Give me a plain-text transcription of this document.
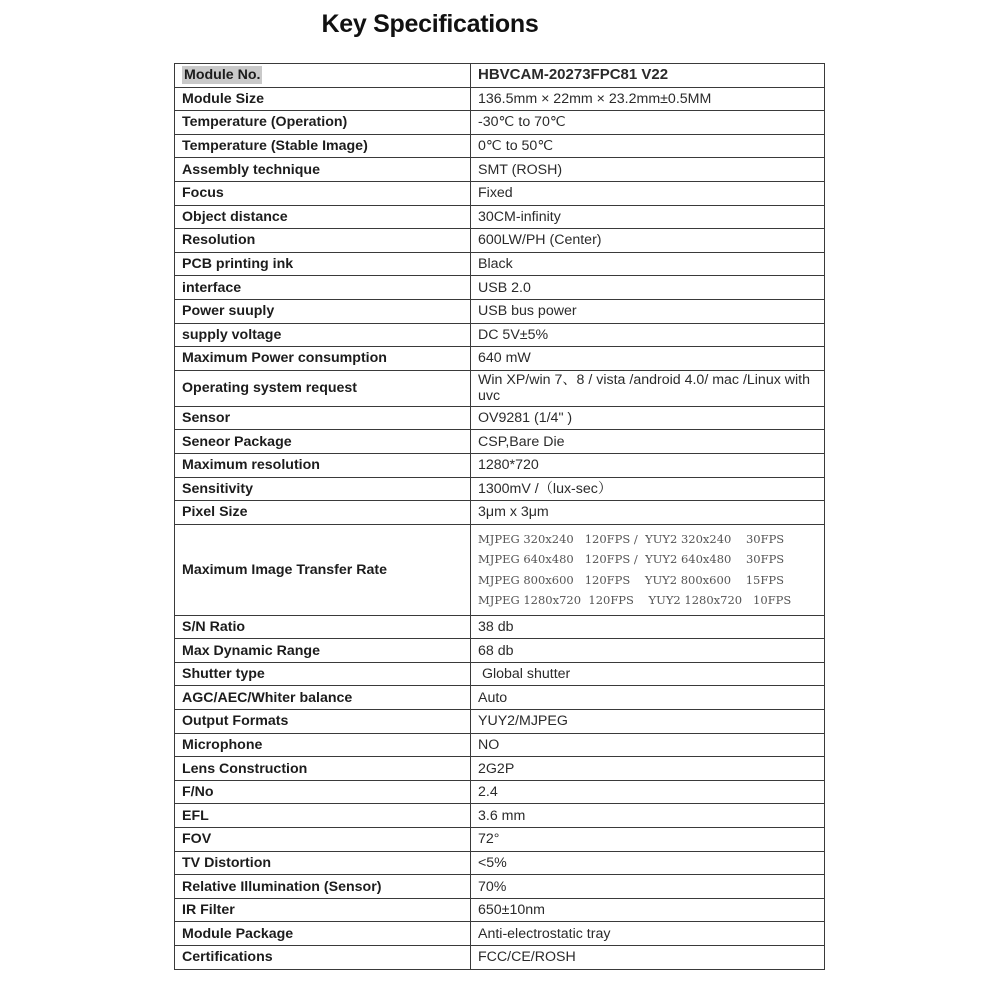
Key Specifications
Module No.	HBVCAM-20273FPC81 V22
Module Size	136.5mm × 22mm × 23.2mm±0.5MM
Temperature (Operation)	-30℃ to 70℃
Temperature (Stable Image)	0℃ to 50℃
Assembly technique	SMT (ROSH)
Focus	Fixed
Object distance	30CM-infinity
Resolution	600LW/PH (Center)
PCB printing ink	Black
interface	USB 2.0
Power suuply	USB bus power
supply voltage	DC 5V±5%
Maximum Power consumption	640 mW
Operating system request	Win XP/win 7、8 / vista /android 4.0/ mac /Linux with uvc
Sensor	OV9281 (1/4" )
Seneor Package	CSP,Bare Die
Maximum resolution	1280*720
Sensitivity	1300mV /（lux-sec）
Pixel Size	3μm x 3μm
Maximum Image Transfer Rate	MJPEG 320x240   120FPS /  YUY2 320x240    30FPS
MJPEG 640x480   120FPS /  YUY2 640x480    30FPS
MJPEG 800x600   120FPS    YUY2 800x600    15FPS
MJPEG 1280x720  120FPS    YUY2 1280x720   10FPS

S/N Ratio	38 db
Max Dynamic Range	68 db
Shutter type	Global shutter
AGC/AEC/Whiter balance	Auto
Output Formats	YUY2/MJPEG
Microphone	NO
Lens Construction	2G2P
F/No	2.4
EFL	3.6 mm
FOV	72°
TV Distortion	<5%
Relative Illumination (Sensor)	70%
IR Filter	650±10nm
Module Package	Anti-electrostatic tray
Certifications	FCC/CE/ROSH
